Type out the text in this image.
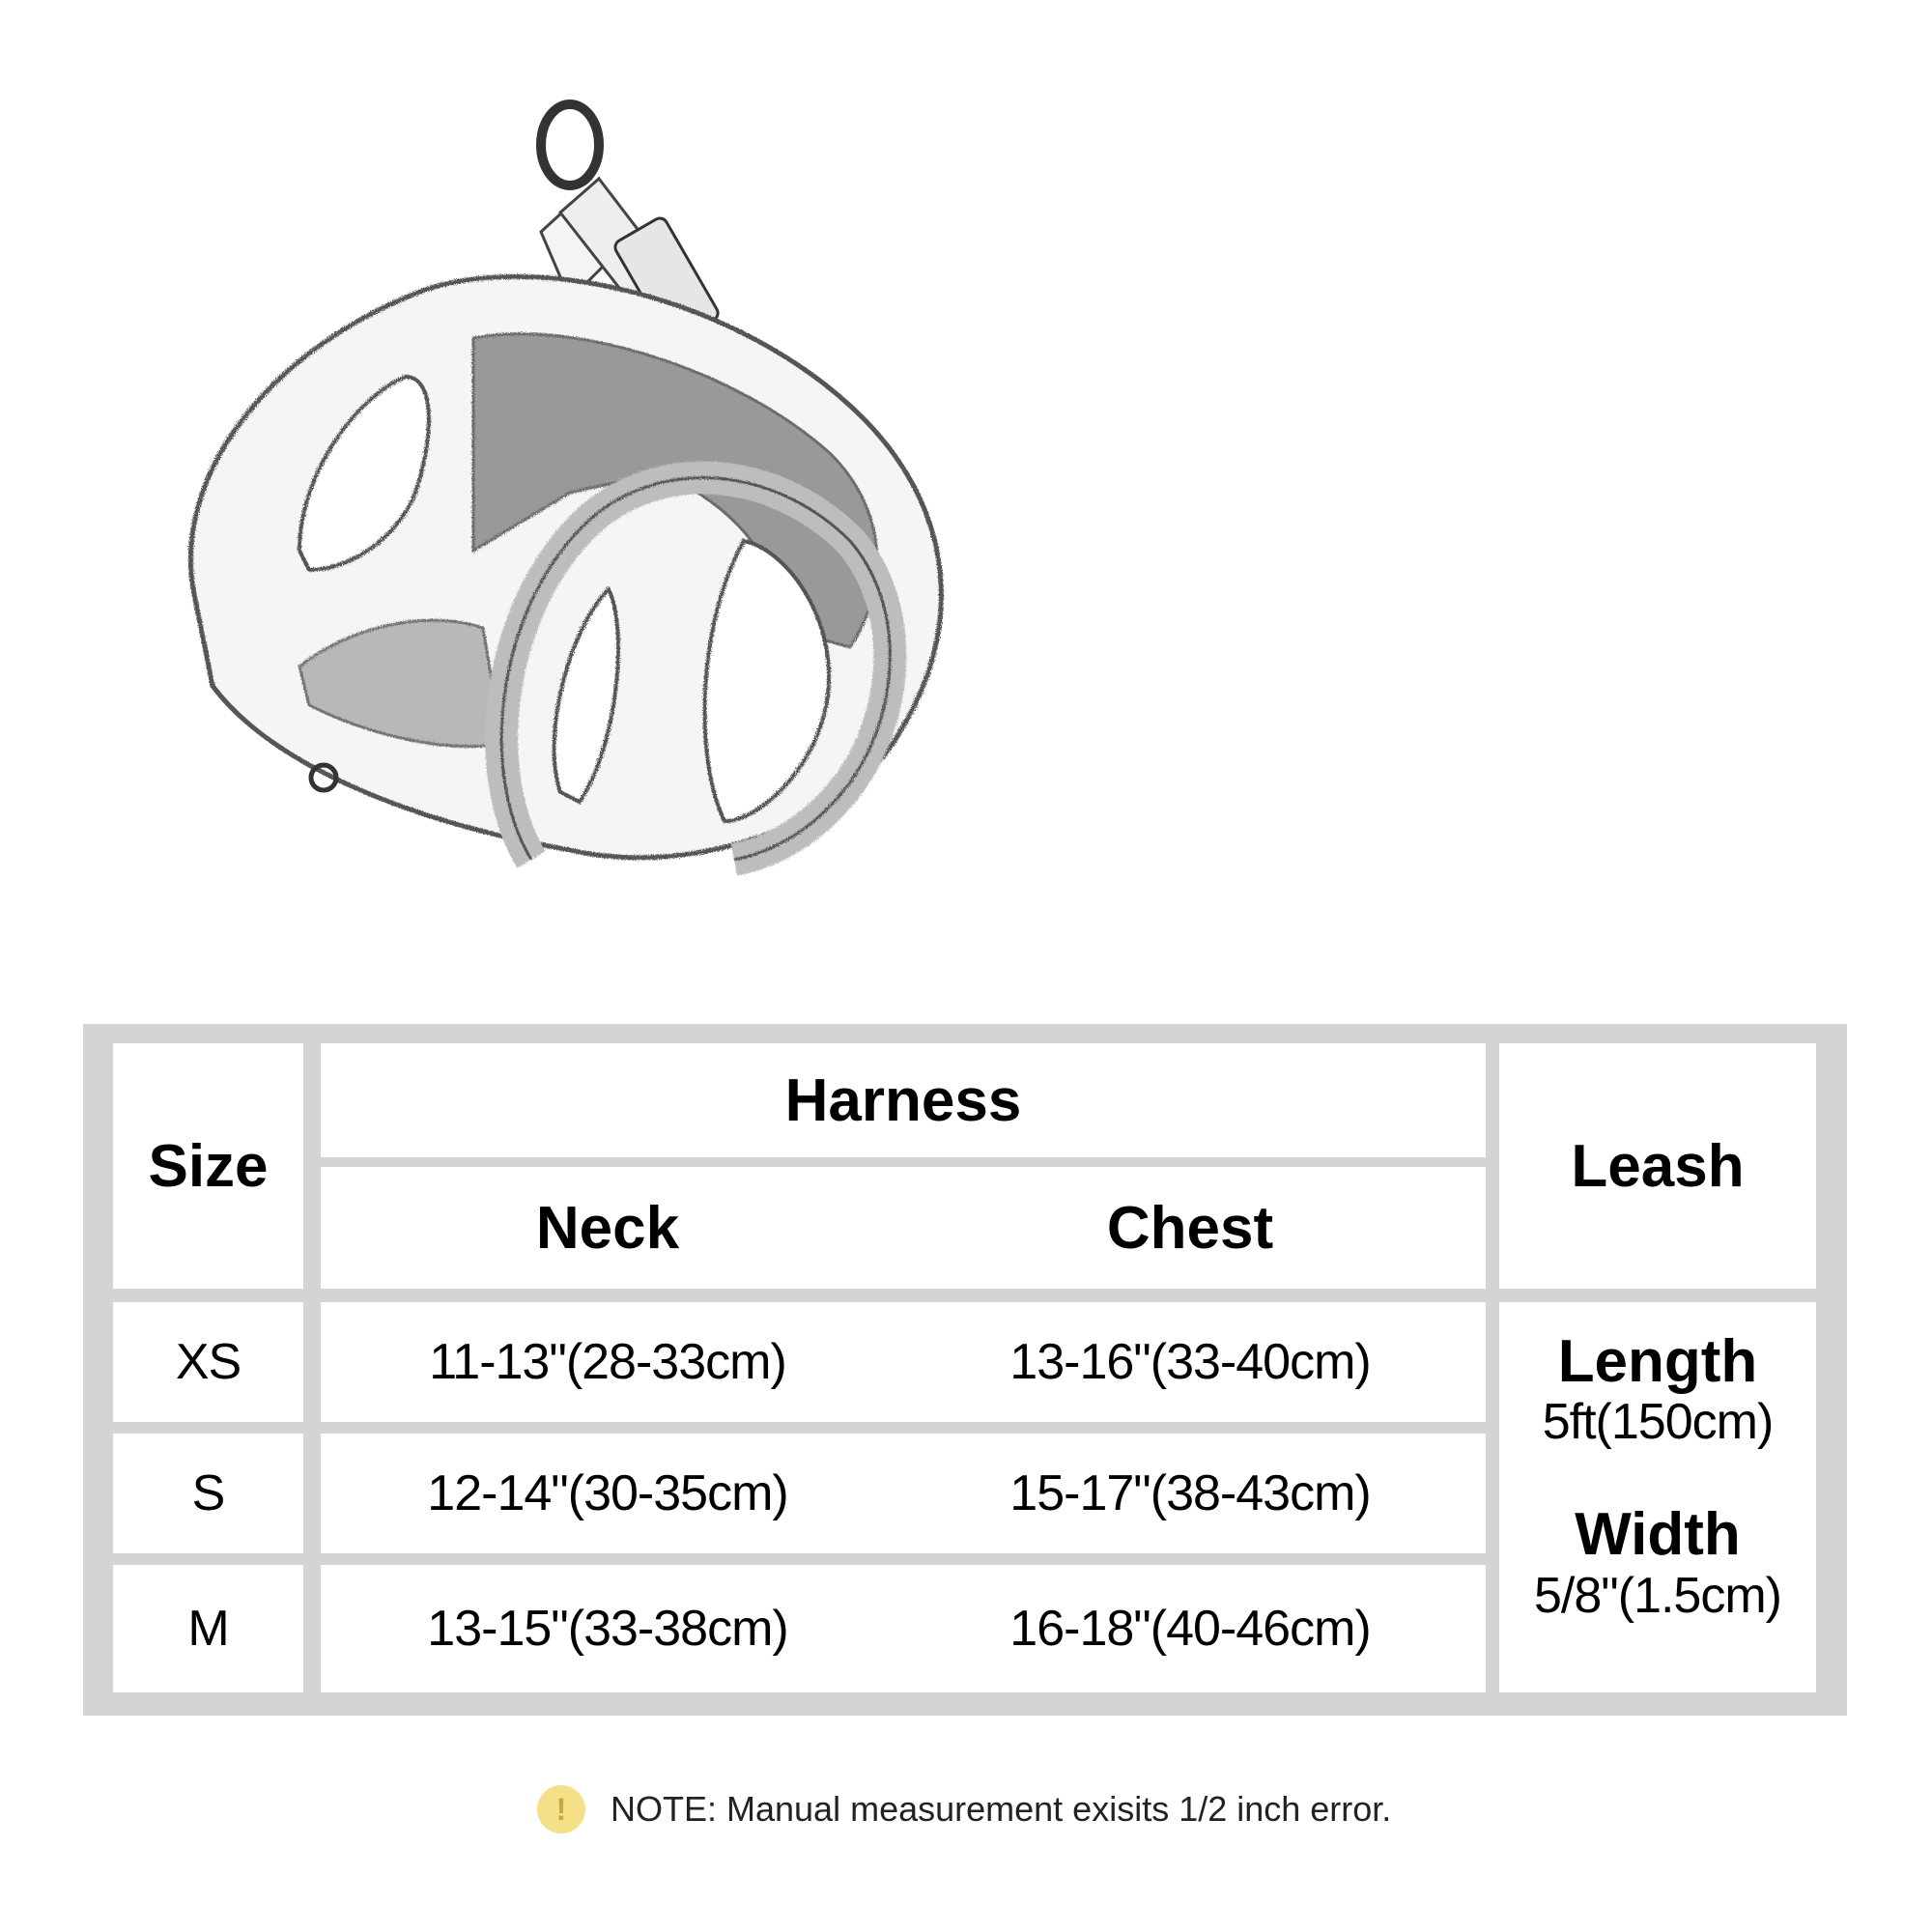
Size
Harness
Neck	Chest
Leash
XS	11-13"(28-33cm)	13-16"(33-40cm)
S	12-14"(30-35cm)	15-17"(38-43cm)
M	13-15"(33-38cm)	16-18"(40-46cm)
Length
5ft(150cm)
Width
5/8"(1.5cm)
! NOTE: Manual measurement exisits 1/2 inch error.
